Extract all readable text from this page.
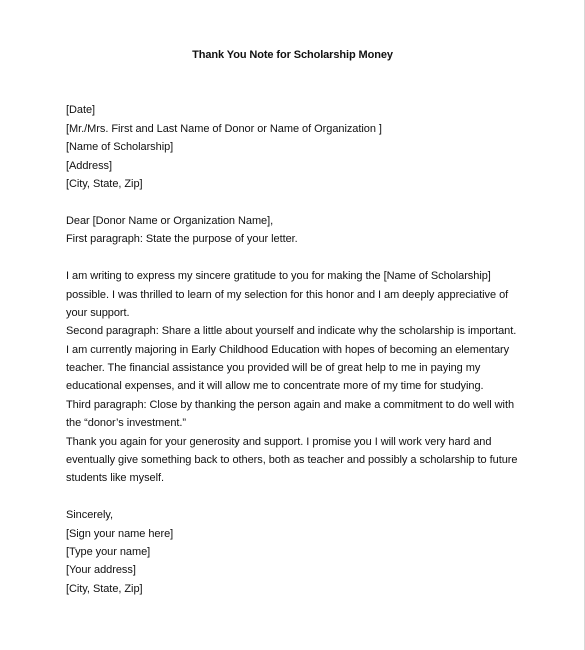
Thank You Note for Scholarship Money
[Date]
[Mr./Mrs. First and Last Name of Donor or Name of Organization ]
[Name of Scholarship]
[Address]
[City, State, Zip]
Dear [Donor Name or Organization Name],
First paragraph: State the purpose of your letter.
I am writing to express my sincere gratitude to you for making the [Name of Scholarship]
possible. I was thrilled to learn of my selection for this honor and I am deeply appreciative of
your support.
Second paragraph: Share a little about yourself and indicate why the scholarship is important.
I am currently majoring in Early Childhood Education with hopes of becoming an elementary
teacher. The financial assistance you provided will be of great help to me in paying my
educational expenses, and it will allow me to concentrate more of my time for studying.
Third paragraph: Close by thanking the person again and make a commitment to do well with
the “donor’s investment.”
Thank you again for your generosity and support. I promise you I will work very hard and
eventually give something back to others, both as teacher and possibly a scholarship to future
students like myself.
Sincerely,
[Sign your name here]
[Type your name]
[Your address]
[City, State, Zip]
